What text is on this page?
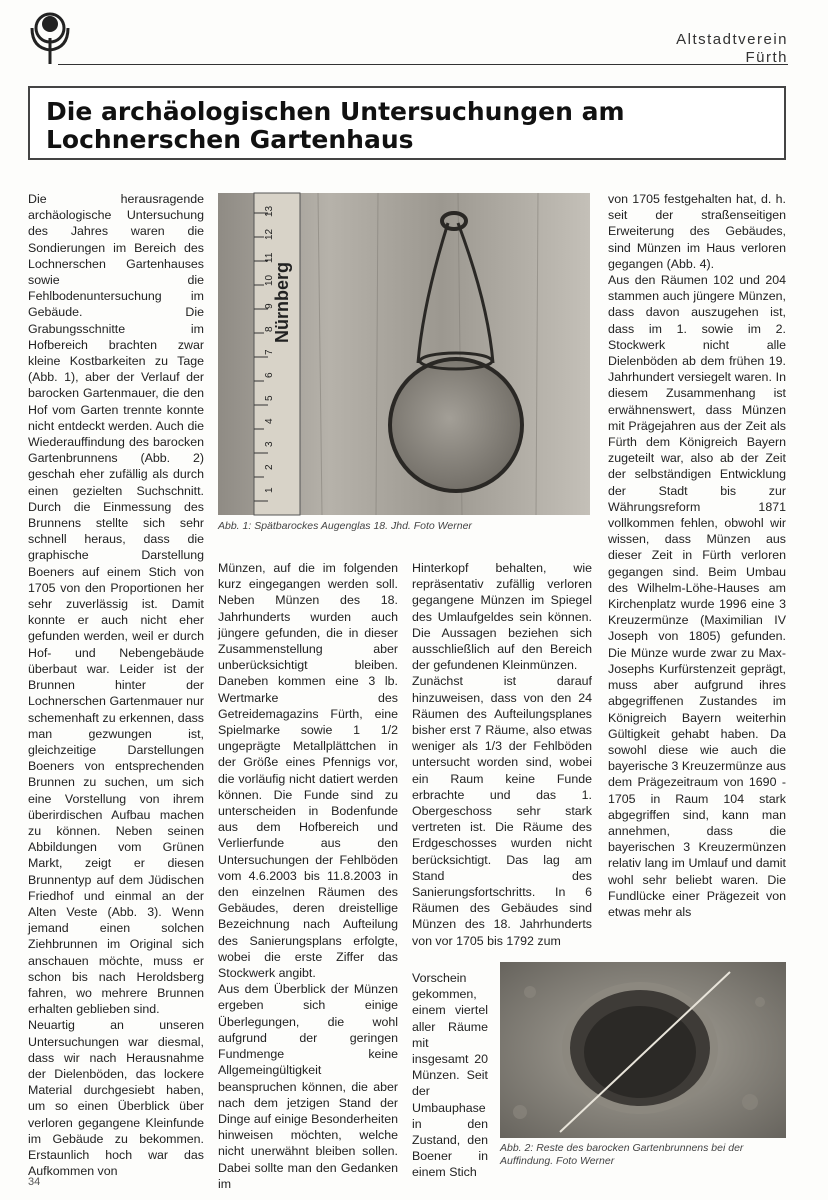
Altstadtverein
Fürth
Die archäologischen Untersuchungen am Lochnerschen Gartenhaus

Die herausragende archäologische Untersuchung des Jahres waren die Sondierungen im Bereich des Lochnerschen Gartenhauses sowie die Fehlbodenuntersuchung im Gebäude. Die Grabungsschnitte im Hofbereich brachten zwar kleine Kostbarkeiten zu Tage (Abb. 1), aber der Verlauf der barocken Gartenmauer, die den Hof vom Garten trennte konnte nicht entdeckt werden. Auch die Wiederauffindung des barocken Gartenbrunnens (Abb. 2) geschah eher zufällig als durch einen gezielten Suchschnitt. Durch die Einmessung des Brunnens stellte sich sehr schnell heraus, dass die graphische Darstellung Boeners auf einem Stich von 1705 von den Proportionen her sehr zuverlässig ist. Damit konnte er auch nicht eher gefunden werden, weil er durch Hof- und Nebengebäude überbaut war. Leider ist der Brunnen hinter der Lochnerschen Gartenmauer nur schemenhaft zu erkennen, dass man gezwungen ist, gleichzeitige Darstellungen Boeners von entsprechenden Brunnen zu suchen, um sich eine Vorstellung von ihrem überirdischen Aufbau machen zu können. Neben seinen Abbildungen vom Grünen Markt, zeigt er diesen Brunnentyp auf dem Jüdischen Friedhof und einmal an der Alten Veste (Abb. 3). Wenn jemand einen solchen Ziehbrunnen im Original sich anschauen möchte, muss er schon bis nach Heroldsberg fahren, wo mehrere Brunnen erhalten geblieben sind.

Neuartig an unseren Untersuchungen war diesmal, dass wir nach Herausnahme der Dielenböden, das lockere Material durchgesiebt haben, um so einen Überblick über verloren gegangene Kleinfunde im Gebäude zu bekommen. Erstaunlich hoch war das Aufkommen von

Nürnberg
1
2
3
4
5
6
7
8
9
10
11
12
13
Abb. 1: Spätbarockes Augenglas 18. Jhd. Foto Werner

Münzen, auf die im folgenden kurz eingegangen werden soll. Neben Münzen des 18. Jahrhunderts wurden auch jüngere gefunden, die in dieser Zusammenstellung aber unberücksichtigt bleiben. Daneben kommen eine 3 lb. Wertmarke des Getreidemagazins Fürth, eine Spielmarke sowie 1 1/2 ungeprägte Metallplättchen in der Größe eines Pfennigs vor, die vorläufig nicht datiert werden können. Die Funde sind zu unterscheiden in Bodenfunde aus dem Hofbereich und Verlierfunde aus den Untersuchungen der Fehlböden vom 4.6.2003 bis 11.8.2003 in den einzelnen Räumen des Gebäudes, deren dreistellige Bezeichnung nach Aufteilung des Sanierungsplans erfolgte, wobei die erste Ziffer das Stockwerk angibt.

Aus dem Überblick der Münzen ergeben sich einige Überlegungen, die wohl aufgrund der geringen Fundmenge keine Allgemeingültigkeit beanspruchen können, die aber nach dem jetzigen Stand der Dinge auf einige Besonderheiten hinweisen möchten, welche nicht unerwähnt bleiben sollen. Dabei sollte man den Gedanken im

Hinterkopf behalten, wie repräsentativ zufällig verloren gegangene Münzen im Spiegel des Umlaufgeldes sein können. Die Aussagen beziehen sich ausschließlich auf den Bereich der gefundenen Kleinmünzen.

Zunächst ist darauf hinzuweisen, dass von den 24 Räumen des Aufteilungsplanes bisher erst 7 Räume, also etwas weniger als 1/3 der Fehlböden untersucht worden sind, wobei ein Raum keine Funde erbrachte und das 1. Obergeschoss sehr stark vertreten ist. Die Räume des Erdgeschosses wurden nicht berücksichtigt. Das lag am Stand des Sanierungsfortschritts. In 6 Räumen des Gebäudes sind Münzen des 18. Jahrhunderts von vor 1705 bis 1792 zum

Vorschein gekommen, einem viertel aller Räume mit insgesamt 20 Münzen. Seit der Umbauphase in den Zustand, den Boener in einem Stich

von 1705 festgehalten hat, d. h. seit der straßenseitigen Erweiterung des Gebäudes, sind Münzen im Haus verloren gegangen (Abb. 4).

Aus den Räumen 102 und 204 stammen auch jüngere Münzen, dass davon auszugehen ist, dass im 1. sowie im 2. Stockwerk nicht alle Dielenböden ab dem frühen 19. Jahrhundert versiegelt waren. In diesem Zusammenhang ist erwähnenswert, dass Münzen mit Prägejahren aus der Zeit als Fürth dem Königreich Bayern zugeteilt war, also ab der Zeit der selbständigen Entwicklung der Stadt bis zur Währungsreform 1871 vollkommen fehlen, obwohl wir wissen, dass Münzen aus dieser Zeit in Fürth verloren gegangen sind. Beim Umbau des Wilhelm-Löhe-Hauses am Kirchenplatz wurde 1996 eine 3 Kreuzermünze (Maximilian IV Joseph von 1805) gefunden. Die Münze wurde zwar zu Max-Josephs Kurfürstenzeit geprägt, muss aber aufgrund ihres abgegriffenen Zustandes im Königreich Bayern weiterhin Gültigkeit gehabt haben. Da sowohl diese wie auch die bayerische 3 Kreuzermünze aus dem Prägezeitraum von 1690 - 1705 in Raum 104 stark abgegriffen sind, kann man annehmen, dass die bayerischen 3 Kreuzermünzen relativ lang im Umlauf und damit wohl sehr beliebt waren. Die Fundlücke einer Prägezeit von etwas mehr als

Abb. 2: Reste des barocken Gartenbrunnens bei der Auffindung. Foto Werner
34
